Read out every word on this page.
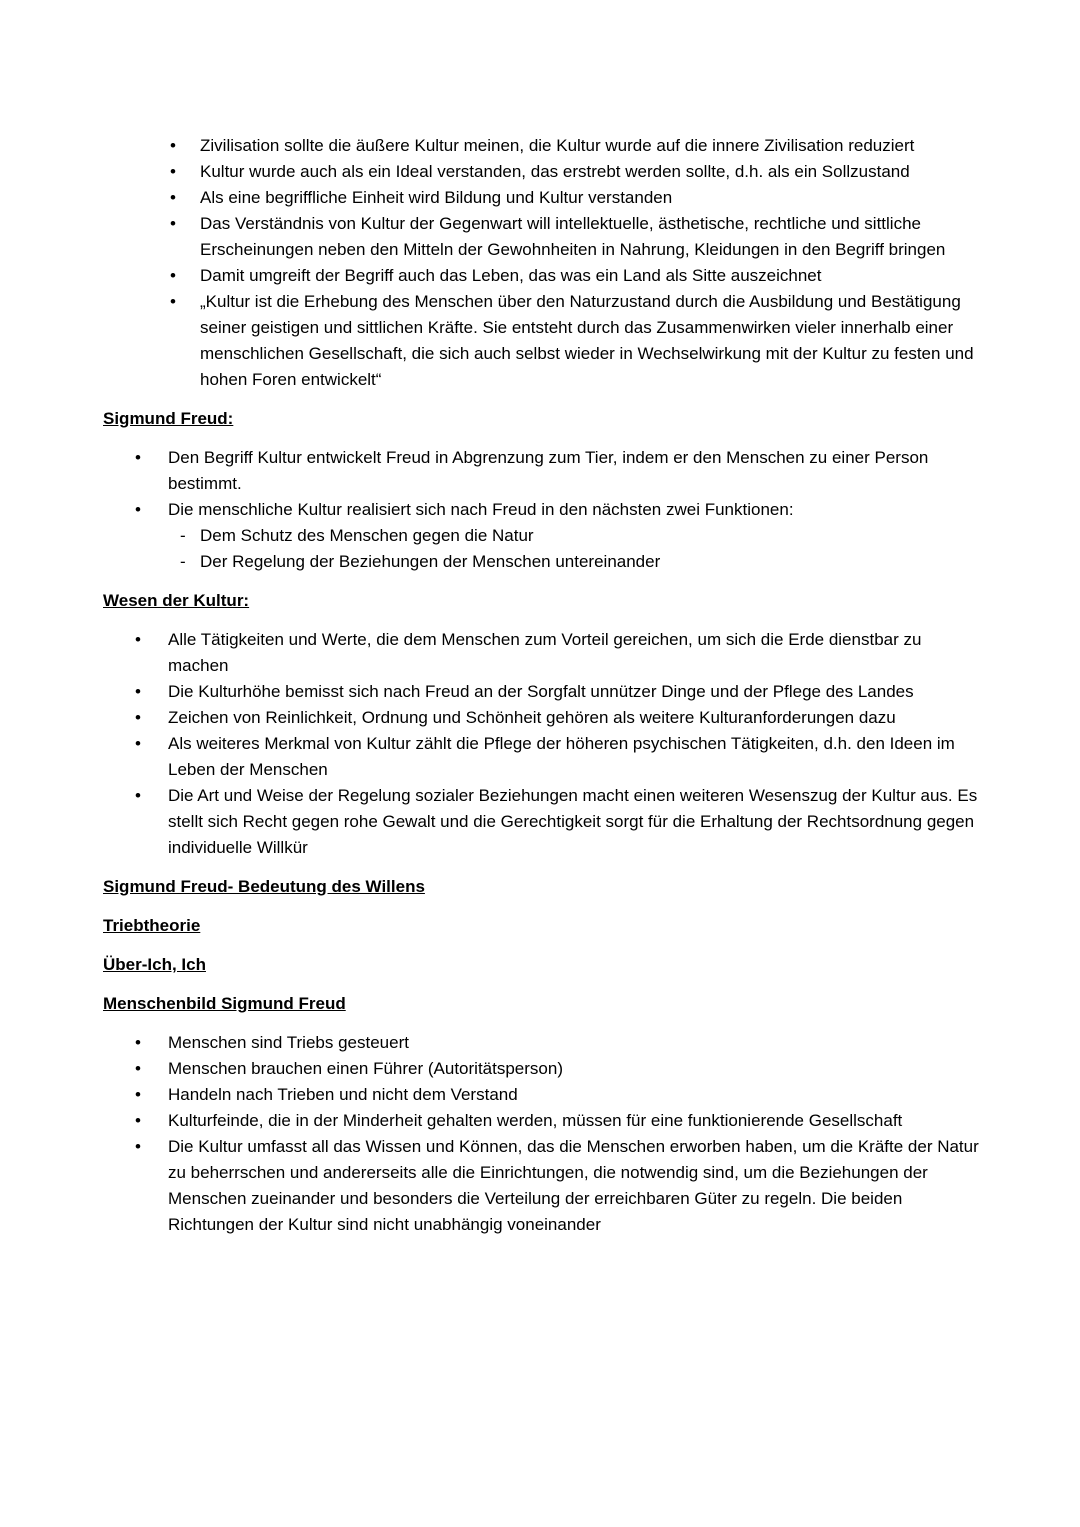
•	Zivilisation sollte die äußere Kultur meinen, die Kultur wurde auf die innere Zivilisation reduziert
•	Kultur wurde auch als ein Ideal verstanden, das erstrebt werden sollte, d.h. als ein Sollzustand
•	Als eine begriffliche Einheit wird Bildung und Kultur verstanden
•	Das Verständnis von Kultur der Gegenwart will intellektuelle, ästhetische, rechtliche und sittliche Erscheinungen neben den Mitteln der Gewohnheiten in Nahrung, Kleidungen in den Begriff bringen
•	Damit umgreift der Begriff auch das Leben, das was ein Land als Sitte auszeichnet
•	„Kultur ist die Erhebung des Menschen über den Naturzustand durch die Ausbildung und Bestätigung seiner geistigen und sittlichen Kräfte. Sie entsteht durch das Zusammenwirken vieler innerhalb einer menschlichen Gesellschaft, die sich auch selbst wieder in Wechselwirkung mit der Kultur zu festen und hohen Foren entwickelt“
Sigmund Freud:
•	Den Begriff Kultur entwickelt Freud in Abgrenzung zum Tier, indem er den Menschen zu einer Person bestimmt.
•	Die menschliche Kultur realisiert sich nach Freud in den nächsten zwei Funktionen:
- Dem Schutz des Menschen gegen die Natur
- Der Regelung der Beziehungen der Menschen untereinander
Wesen der Kultur:
•	Alle Tätigkeiten und Werte, die dem Menschen zum Vorteil gereichen, um sich die Erde dienstbar zu machen
•	Die Kulturhöhe bemisst sich nach Freud an der Sorgfalt unnützer Dinge und der Pflege des Landes
•	Zeichen von Reinlichkeit, Ordnung und Schönheit gehören als weitere Kulturanforderungen dazu
•	Als weiteres Merkmal von Kultur zählt die Pflege der höheren psychischen Tätigkeiten, d.h. den Ideen im Leben der Menschen
•	Die Art und Weise der Regelung sozialer Beziehungen macht einen weiteren Wesenszug der Kultur aus. Es stellt sich Recht gegen rohe Gewalt und die Gerechtigkeit sorgt für die Erhaltung der Rechtsordnung gegen individuelle Willkür
Sigmund Freud- Bedeutung des Willens
Triebtheorie
Über-Ich, Ich
Menschenbild Sigmund Freud
•	Menschen sind Triebs gesteuert
•	Menschen brauchen einen Führer (Autoritätsperson)
•	Handeln nach Trieben und nicht dem Verstand
•	Kulturfeinde, die in der Minderheit gehalten werden, müssen für eine funktionierende Gesellschaft
•	Die Kultur umfasst all das Wissen und Können, das die Menschen erworben haben, um die Kräfte der Natur zu beherrschen und andererseits alle die Einrichtungen, die notwendig sind, um die Beziehungen der Menschen zueinander und besonders die Verteilung der erreichbaren Güter zu regeln. Die beiden Richtungen der Kultur sind nicht unabhängig voneinander
